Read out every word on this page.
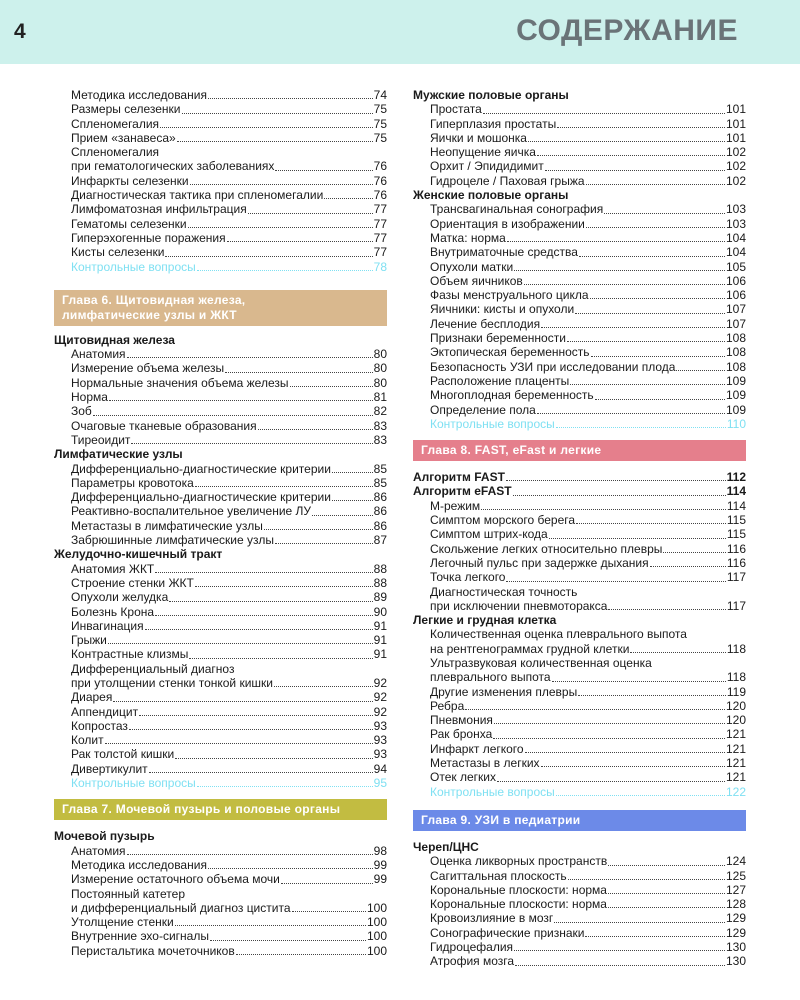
4	СОДЕРЖАНИЕ
Методика исследования	74
Размеры селезенки	75
Спленомегалия	75
Прием «занавеса»	75
Спленомегалия
при гематологических заболеваниях	76
Инфаркты селезенки	76
Диагностическая тактика при спленомегалии	76
Лимфоматозная инфильтрация	77
Гематомы селезенки	77
Гиперэхогенные поражения	77
Кисты селезенки	77
Контрольные вопросы	78
Глава 6. Щитовидная железа,
лимфатические узлы и ЖКТ
Щитовидная железа
Анатомия	80
Измерение объема железы	80
Нормальные значения объема железы	80
Норма	81
Зоб	82
Очаговые тканевые образования	83
Тиреоидит	83
Лимфатические узлы
Дифференциально-диагностические критерии	85
Параметры кровотока	85
Дифференциально-диагностические критерии	86
Реактивно-воспалительное увеличение ЛУ	86
Метастазы в лимфатические узлы	86
Забрюшинные лимфатические узлы	87
Желудочно-кишечный тракт
Анатомия ЖКТ	88
Строение стенки ЖКТ	88
Опухоли желудка	89
Болезнь Крона	90
Инвагинация	91
Грыжи	91
Контрастные клизмы	91
Дифференциальный диагноз
при утолщении стенки тонкой кишки	92
Диарея	92
Аппендицит	92
Копростаз	93
Колит	93
Рак толстой кишки	93
Дивертикулит	94
Контрольные вопросы	95
Глава 7. Мочевой пузырь и половые органы
Мочевой пузырь
Анатомия	98
Методика исследования	99
Измерение остаточного объема мочи	99
Постоянный катетер
и дифференциальный диагноз цистита	100
Утолщение стенки	100
Внутренние эхо-сигналы	100
Перистальтика мочеточников	100
Мужские половые органы
Простата	101
Гиперплазия простаты	101
Яички и мошонка	101
Неопущение яичка	102
Орхит / Эпидидимит	102
Гидроцеле / Паховая грыжа	102
Женские половые органы
Трансвагинальная сонография	103
Ориентация в изображении	103
Матка: норма	104
Внутриматочные средства	104
Опухоли матки	105
Объем яичников	106
Фазы менструального цикла	106
Яичники: кисты и опухоли	107
Лечение бесплодия	107
Признаки беременности	108
Эктопическая беременность	108
Безопасность УЗИ при исследовании плода	108
Расположение плаценты	109
Многоплодная беременность	109
Определение пола	109
Контрольные вопросы	110
Глава 8. FAST, eFast и легкие
Алгоритм FAST	112
Алгоритм eFAST	114
М-режим	114
Симптом морского берега	115
Симптом штрих-кода	115
Скольжение легких относительно плевры	116
Легочный пульс при задержке дыхания	116
Точка легкого	117
Диагностическая точность
при исключении пневмоторакса	117
Легкие и грудная клетка
Количественная оценка плеврального выпота
на рентгенограммах грудной клетки	118
Ультразвуковая количественная оценка
плеврального выпота	118
Другие изменения плевры	119
Ребра	120
Пневмония	120
Рак бронха	121
Инфаркт легкого	121
Метастазы в легких	121
Отек легких	121
Контрольные вопросы	122
Глава 9. УЗИ в педиатрии
Череп/ЦНС
Оценка ликворных пространств	124
Сагиттальная плоскость	125
Корональные плоскости: норма	127
Корональные плоскости: норма	128
Кровоизлияние в мозг	129
Сонографические признаки	129
Гидроцефалия	130
Атрофия мозга	130
